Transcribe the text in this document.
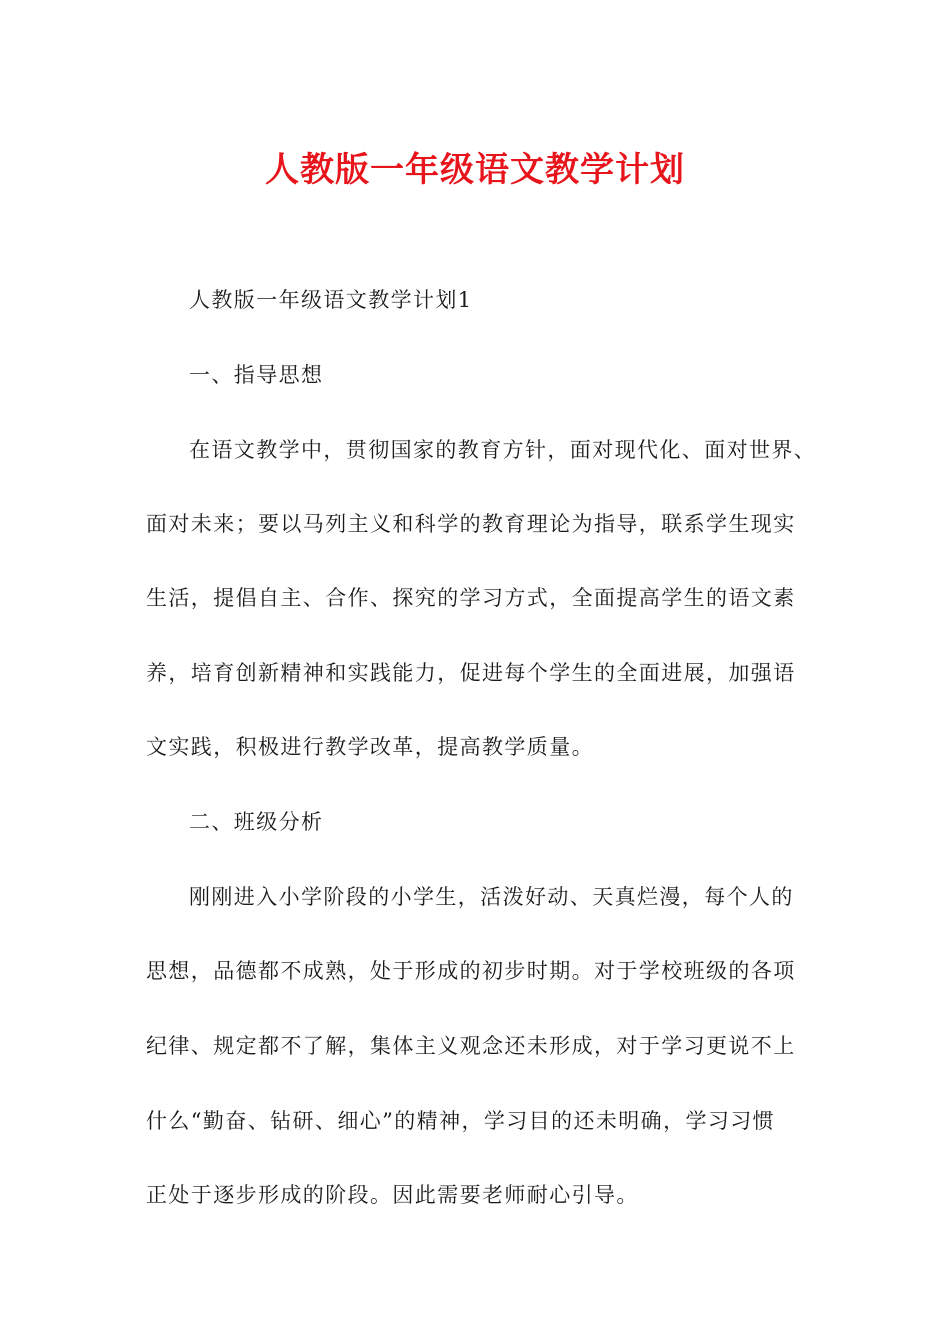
人教版一年级语文教学计划

人教版一年级语文教学计划1

一、指导思想

在语文教学中，贯彻国家的教育方针，面对现代化、面对世界、

面对未来；要以马列主义和科学的教育理论为指导，联系学生现实

生活，提倡自主、合作、探究的学习方式，全面提高学生的语文素

养，培育创新精神和实践能力，促进每个学生的全面进展，加强语

文实践，积极进行教学改革，提高教学质量。

二、班级分析

刚刚进入小学阶段的小学生，活泼好动、天真烂漫，每个人的

思想，品德都不成熟，处于形成的初步时期。对于学校班级的各项

纪律、规定都不了解，集体主义观念还未形成，对于学习更说不上

什么“勤奋、钻研、细心”的精神，学习目的还未明确，学习习惯

正处于逐步形成的阶段。因此需要老师耐心引导。
